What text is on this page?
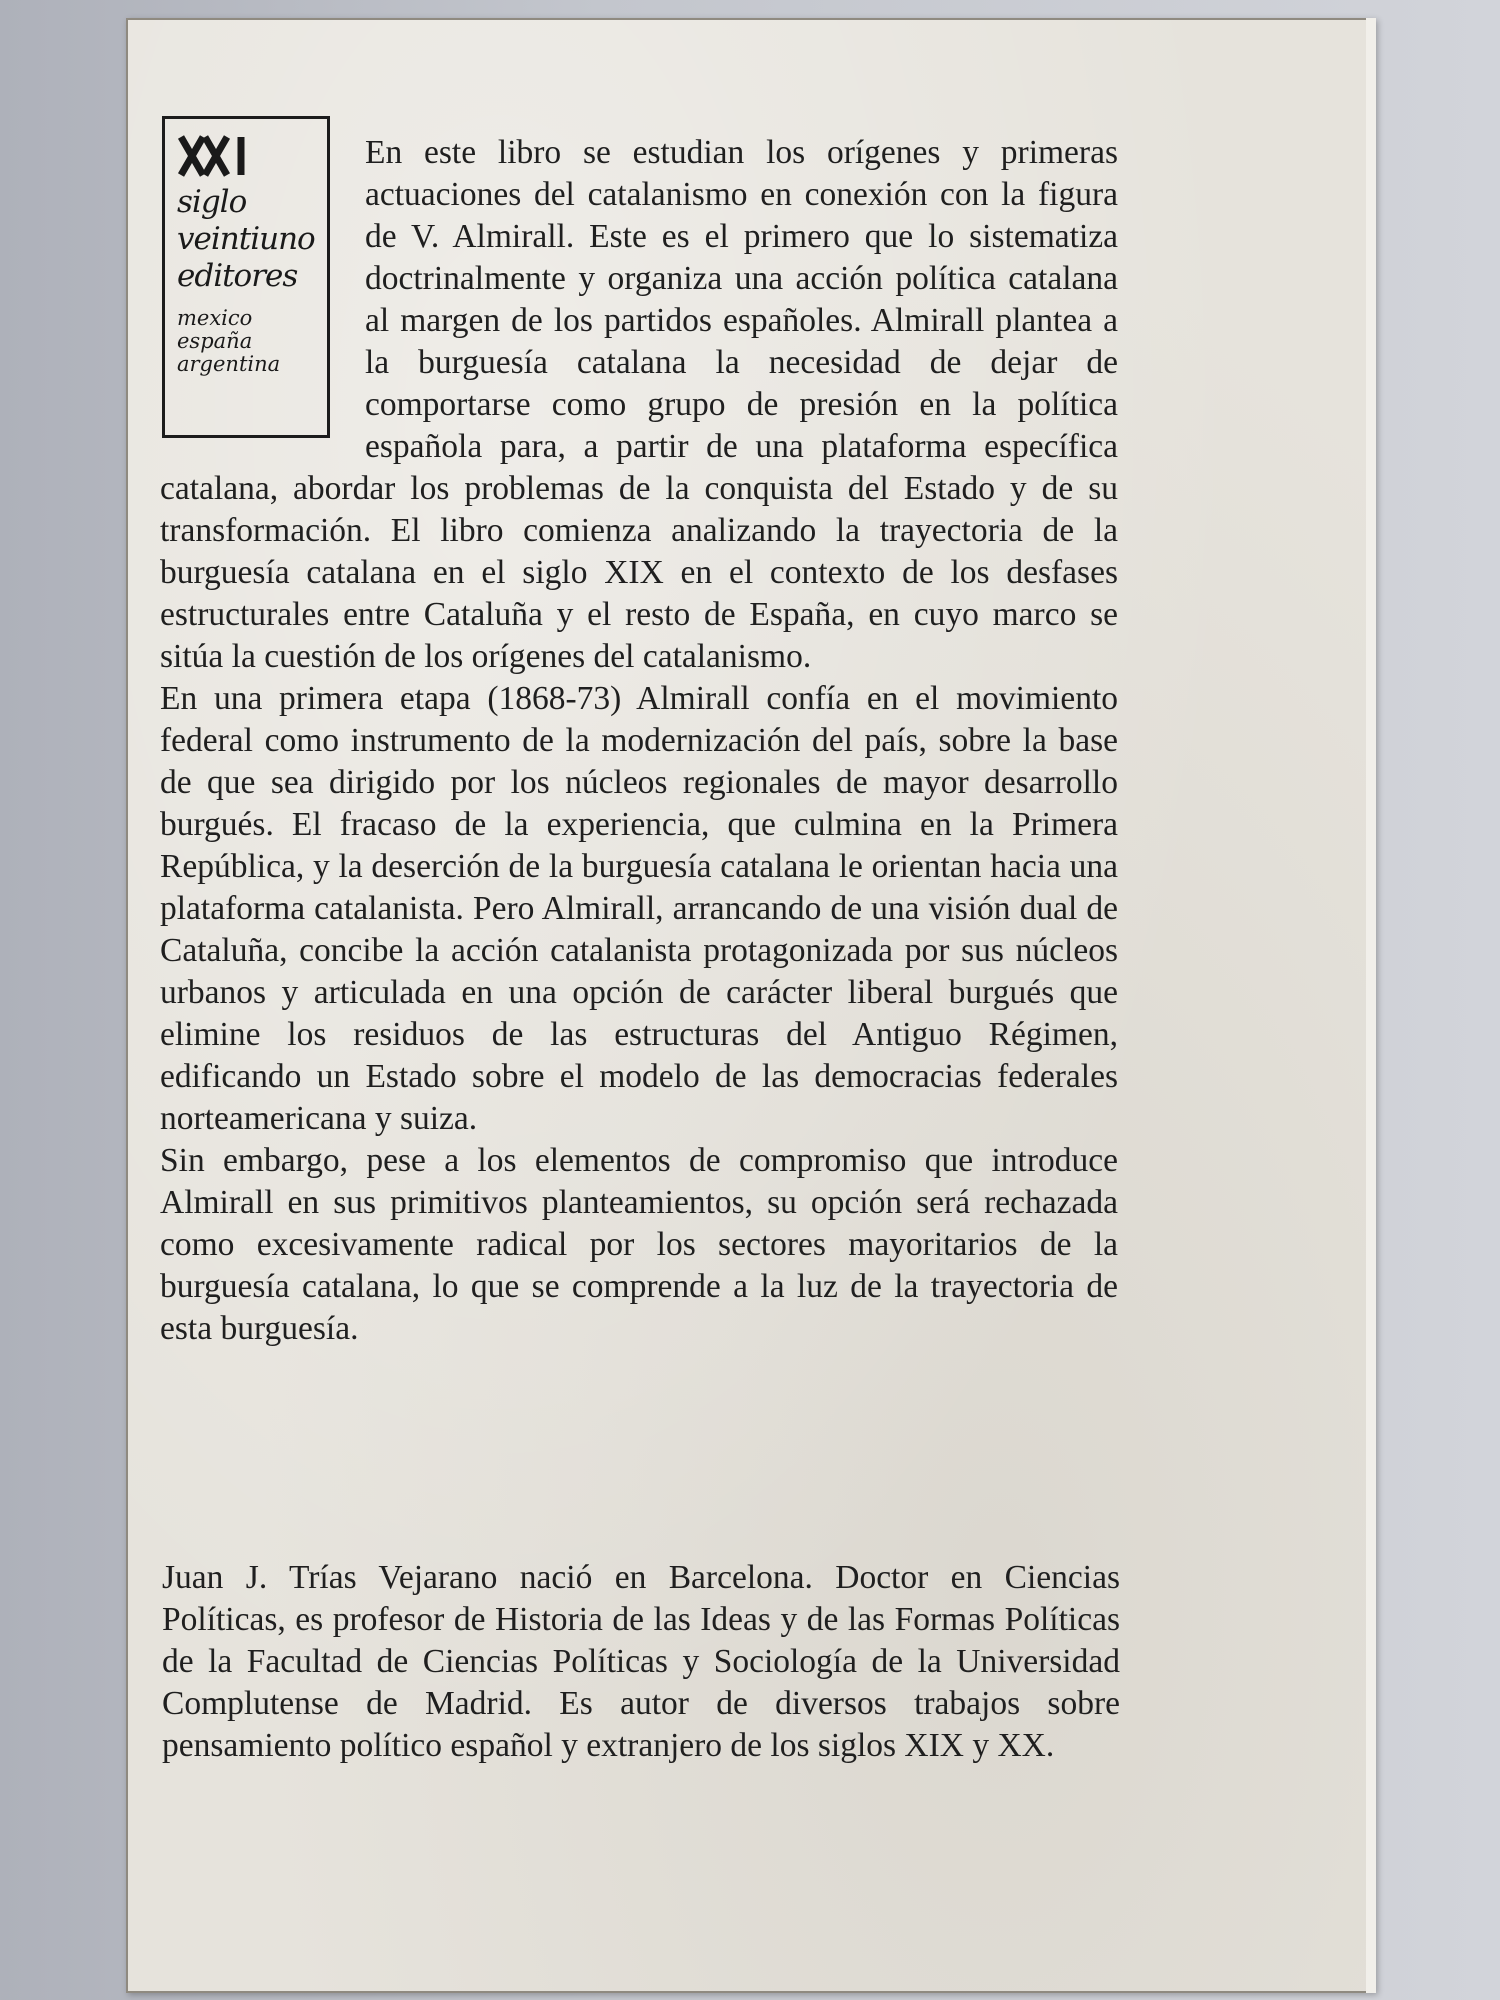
siglo
veintiuno
editores
mexico
españa
argentina

En este libro se estudian los orígenes y primeras actuaciones del catalanismo en conexión con la figura de V. Almirall. Este es el primero que lo sistematiza doctrinalmente y organiza una acción política catalana al margen de los partidos españoles. Almirall plantea a la burguesía catalana la necesidad de dejar de comportarse como grupo de presión en la política española para, a partir de una plataforma específica catalana, abordar los problemas de la conquista del Estado y de su transformación. El libro comienza analizando la trayectoria de la burguesía catalana en el siglo XIX en el contexto de los desfases estructurales entre Cataluña y el resto de España, en cuyo marco se sitúa la cuestión de los orígenes del catalanismo.

En una primera etapa (1868-73) Almirall confía en el movimiento federal como instrumento de la modernización del país, sobre la base de que sea dirigido por los núcleos regionales de mayor desarrollo burgués. El fracaso de la experiencia, que culmina en la Primera República, y la deserción de la burguesía catalana le orientan hacia una plataforma catalanista. Pero Almirall, arrancando de una visión dual de Cataluña, concibe la acción catalanista protagonizada por sus núcleos urbanos y articulada en una opción de carácter liberal burgués que elimine los residuos de las estructuras del Antiguo Régimen, edificando un Estado sobre el modelo de las democracias federales norteamericana y suiza.

Sin embargo, pese a los elementos de compromiso que introduce Almirall en sus primitivos planteamientos, su opción será rechazada como excesivamente radical por los sectores mayoritarios de la burguesía catalana, lo que se comprende a la luz de la trayectoria de esta burguesía.

Juan J. Trías Vejarano nació en Barcelona. Doctor en Ciencias Políticas, es profesor de Historia de las Ideas y de las Formas Políticas de la Facultad de Ciencias Políticas y Sociología de la Universidad Complutense de Madrid. Es autor de diversos trabajos sobre pensamiento político español y extranjero de los siglos XIX y XX.
